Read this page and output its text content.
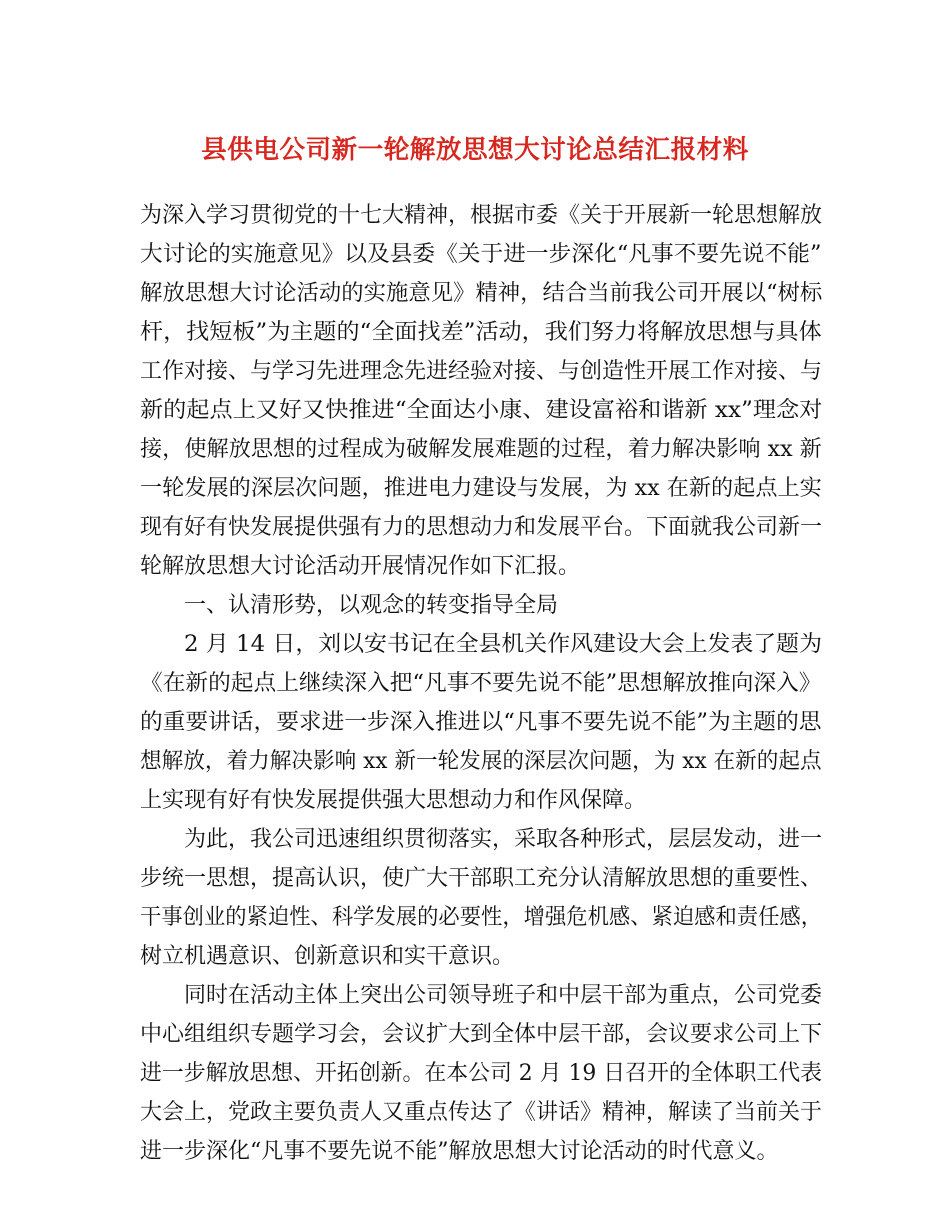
县供电公司新一轮解放思想大讨论总结汇报材料
为深入学习贯彻党的十七大精神，根据市委《关于开展新一轮思想解放
大讨论的实施意见》以及县委《关于进一步深化“凡事不要先说不能”
解放思想大讨论活动的实施意见》精神，结合当前我公司开展以“树标
杆，找短板”为主题的“全面找差”活动，我们努力将解放思想与具体
工作对接、与学习先进理念先进经验对接、与创造性开展工作对接、与
新的起点上又好又快推进“全面达小康、建设富裕和谐新 xx”理念对
接，使解放思想的过程成为破解发展难题的过程，着力解决影响 xx 新
一轮发展的深层次问题，推进电力建设与发展，为 xx 在新的起点上实
现有好有快发展提供强有力的思想动力和发展平台。下面就我公司新一
轮解放思想大讨论活动开展情况作如下汇报。
一、认清形势，以观念的转变指导全局
2 月 14 日，刘以安书记在全县机关作风建设大会上发表了题为
《在新的起点上继续深入把“凡事不要先说不能”思想解放推向深入》
的重要讲话，要求进一步深入推进以“凡事不要先说不能”为主题的思
想解放，着力解决影响 xx 新一轮发展的深层次问题，为 xx 在新的起点
上实现有好有快发展提供强大思想动力和作风保障。
为此，我公司迅速组织贯彻落实，采取各种形式，层层发动，进一
步统一思想，提高认识，使广大干部职工充分认清解放思想的重要性、
干事创业的紧迫性、科学发展的必要性，增强危机感、紧迫感和责任感，
树立机遇意识、创新意识和实干意识。
同时在活动主体上突出公司领导班子和中层干部为重点，公司党委
中心组组织专题学习会，会议扩大到全体中层干部，会议要求公司上下
进一步解放思想、开拓创新。在本公司 2 月 19 日召开的全体职工代表
大会上，党政主要负责人又重点传达了《讲话》精神，解读了当前关于
进一步深化“凡事不要先说不能”解放思想大讨论活动的时代意义。
